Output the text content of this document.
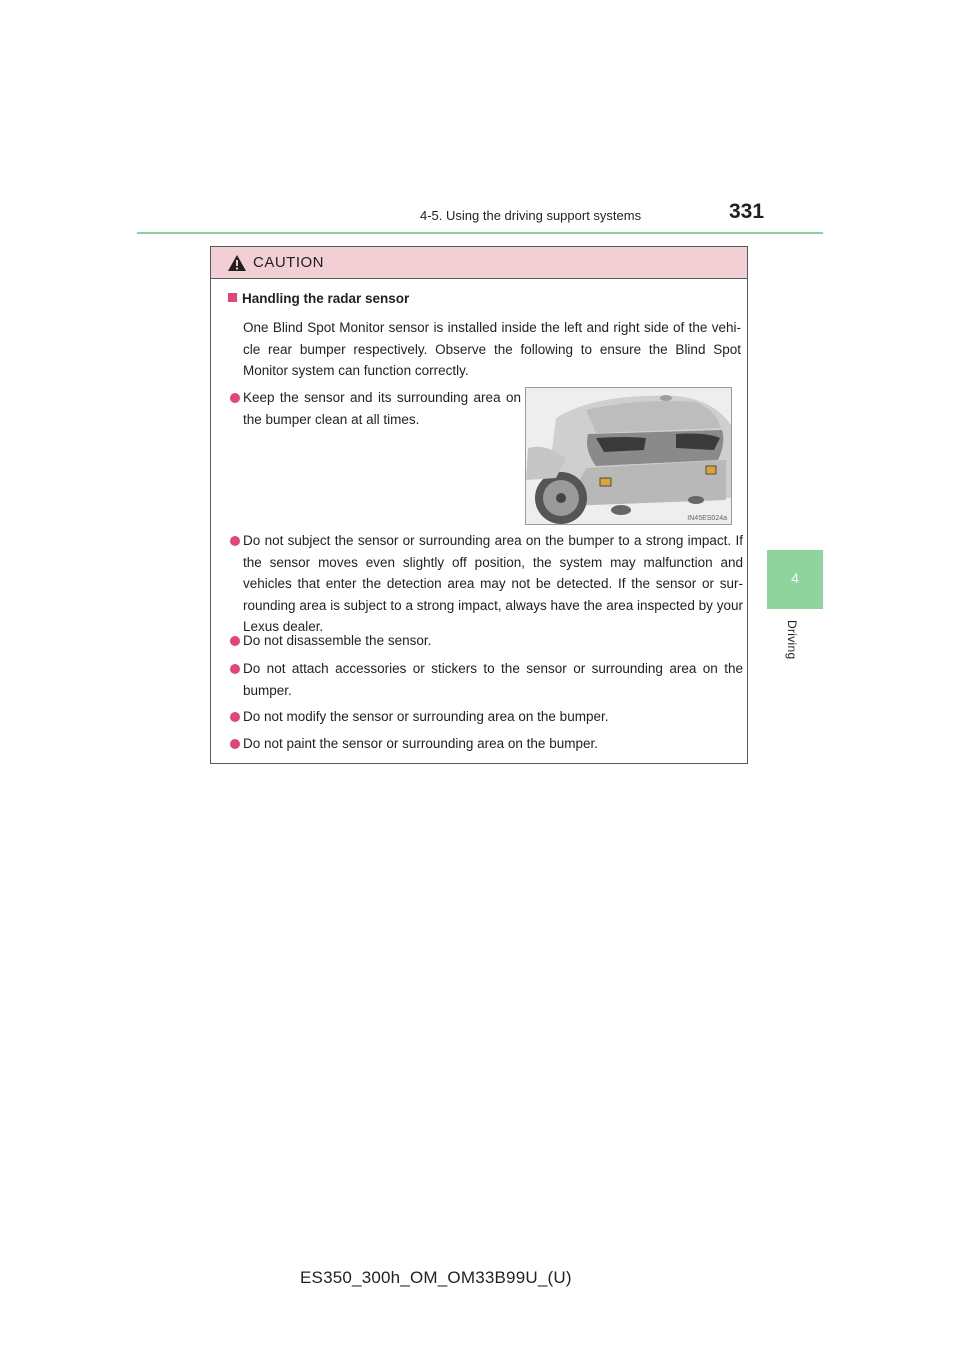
4-5. Using the driving support systems	331
4
Driving
CAUTION
Handling the radar sensor
One Blind Spot Monitor sensor is installed inside the left and right side of the vehi-cle rear bumper respectively. Observe the following to ensure the Blind Spot Monitor system can function correctly.
Keep the sensor and its surrounding area on the bumper clean at all times.
IN45ES024a
Do not subject the sensor or surrounding area on the bumper to a strong impact. If the sensor moves even slightly off position, the system may malfunction and vehicles that enter the detection area may not be detected. If the sensor or sur-rounding area is subject to a strong impact, always have the area inspected by your Lexus dealer.
Do not disassemble the sensor.
Do not attach accessories or stickers to the sensor or surrounding area on the bumper.
Do not modify the sensor or surrounding area on the bumper.
Do not paint the sensor or surrounding area on the bumper.
ES350_300h_OM_OM33B99U_(U)
